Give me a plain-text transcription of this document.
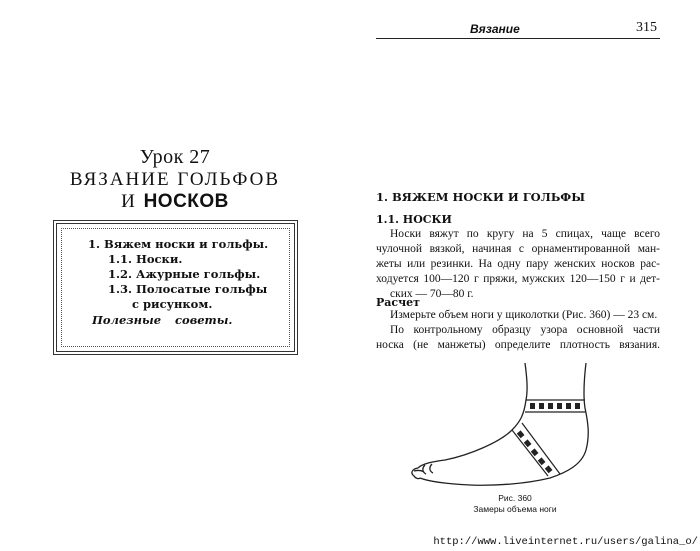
Урок 27
ВЯЗАНИЕ ГОЛЬФОВ
И НОСКОВ
1. Вяжем носки и гольфы.
1.1. Носки.
1.2. Ажурные гольфы.
1.3. Полосатые гольфы
с рисунком.
Полезные советы.
Вязание	315
1. ВЯЖЕМ НОСКИ И ГОЛЬФЫ
1.1. НОСКИ
Носки вяжут по кругу на 5 спицах, чаще всего
чулочной вязкой, начиная с орнаментированной ман-
жеты или резинки. На одну пару женских носков рас-
ходуется 100—120 г пряжи, мужских 120—150 г и дет-
ских — 70—80 г.
Расчет
Измерьте объем ноги у щиколотки (Рис. 360) — 23 см.
По контрольному образцу узора основной части
носка (не манжеты) определите плотность вязания.
Рис. 360
Замеры объема ноги
http://www.liveinternet.ru/users/galina_o/
